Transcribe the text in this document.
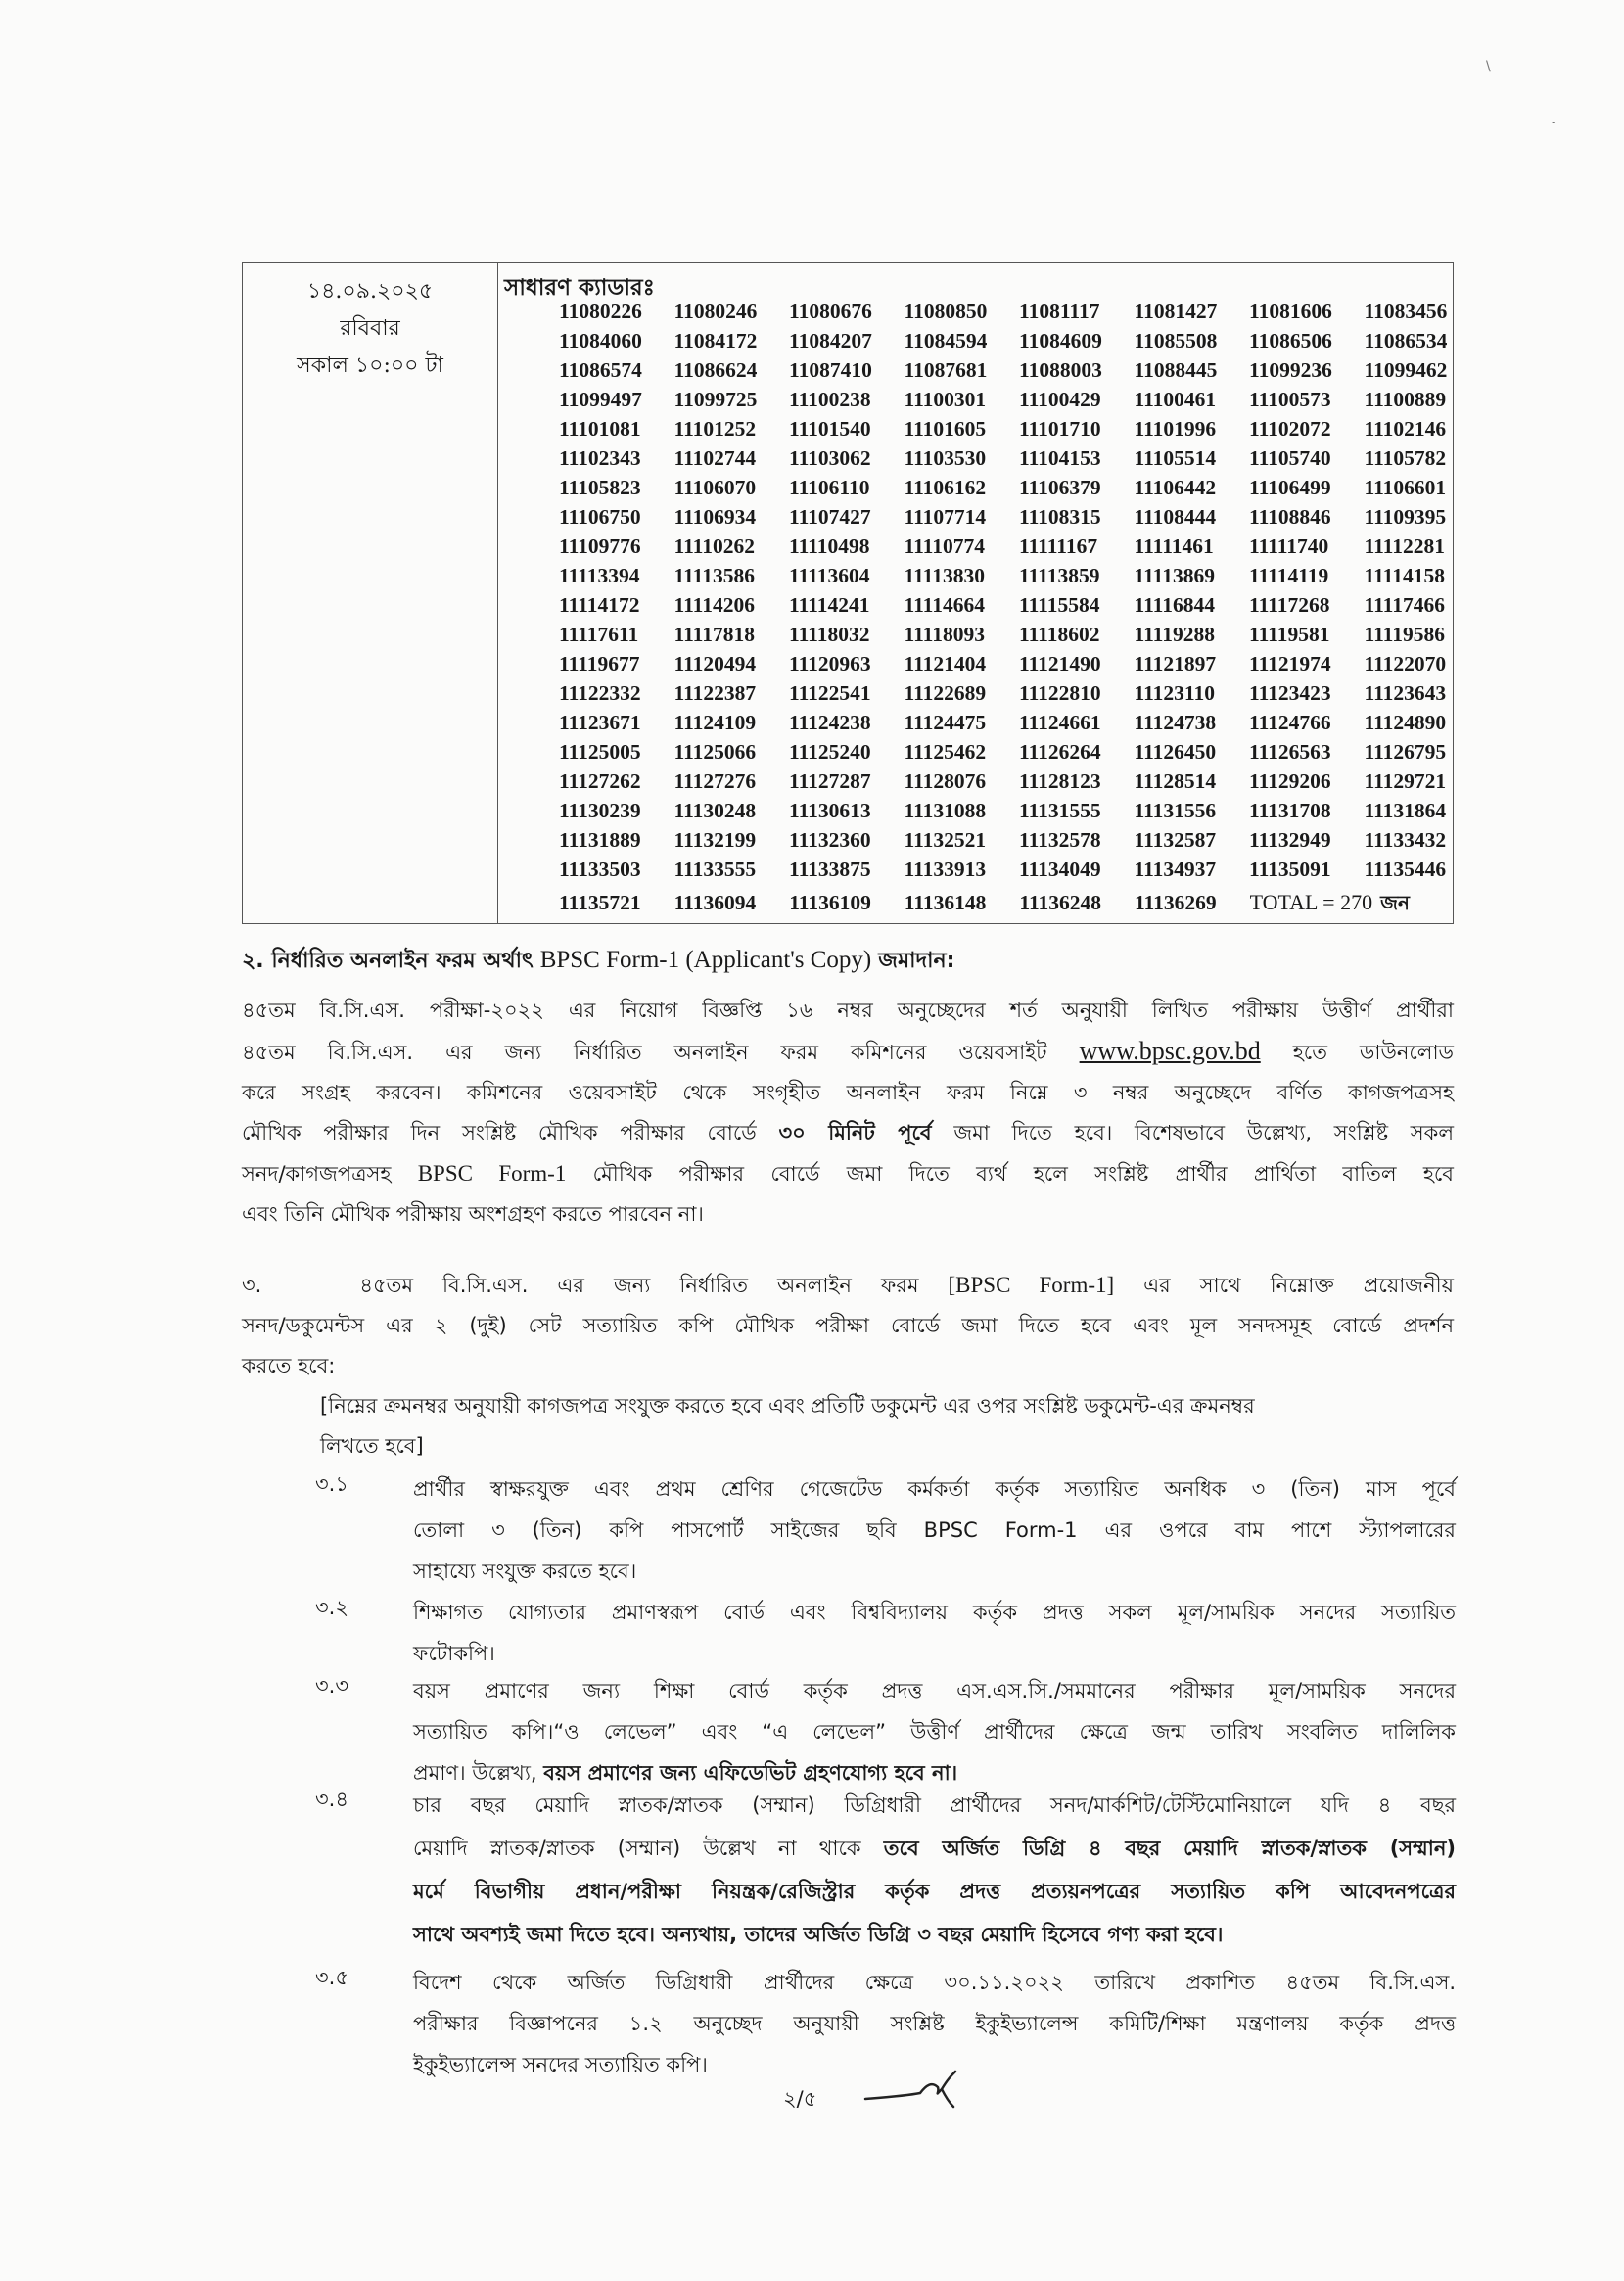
\
-
১৪.০৯.২০২৫
রবিবার
সকাল ১০:০০ টা
সাধারণ ক্যাডারঃ
11080226	11080246	11080676	11080850	11081117	11081427	11081606	11083456
11084060	11084172	11084207	11084594	11084609	11085508	11086506	11086534
11086574	11086624	11087410	11087681	11088003	11088445	11099236	11099462
11099497	11099725	11100238	11100301	11100429	11100461	11100573	11100889
11101081	11101252	11101540	11101605	11101710	11101996	11102072	11102146
11102343	11102744	11103062	11103530	11104153	11105514	11105740	11105782
11105823	11106070	11106110	11106162	11106379	11106442	11106499	11106601
11106750	11106934	11107427	11107714	11108315	11108444	11108846	11109395
11109776	11110262	11110498	11110774	11111167	11111461	11111740	11112281
11113394	11113586	11113604	11113830	11113859	11113869	11114119	11114158
11114172	11114206	11114241	11114664	11115584	11116844	11117268	11117466
11117611	11117818	11118032	11118093	11118602	11119288	11119581	11119586
11119677	11120494	11120963	11121404	11121490	11121897	11121974	11122070
11122332	11122387	11122541	11122689	11122810	11123110	11123423	11123643
11123671	11124109	11124238	11124475	11124661	11124738	11124766	11124890
11125005	11125066	11125240	11125462	11126264	11126450	11126563	11126795
11127262	11127276	11127287	11128076	11128123	11128514	11129206	11129721
11130239	11130248	11130613	11131088	11131555	11131556	11131708	11131864
11131889	11132199	11132360	11132521	11132578	11132587	11132949	11133432
11133503	11133555	11133875	11133913	11134049	11134937	11135091	11135446
11135721	11136094	11136109	11136148	11136248	11136269	TOTAL = 270 জন
২. নির্ধারিত অনলাইন ফরম অর্থাৎ BPSC Form-1 (Applicant's Copy) জমাদান:
৪৫তম বি.সি.এস. পরীক্ষা-২০২২ এর নিয়োগ বিজ্ঞপ্তি ১৬ নম্বর অনুচ্ছেদের শর্ত অনুযায়ী লিখিত পরীক্ষায় উত্তীর্ণ প্রার্থীরা
৪৫তম বি.সি.এস. এর জন্য নির্ধারিত অনলাইন ফরম কমিশনের ওয়েবসাইট www.bpsc.gov.bd হতে ডাউনলোড
করে সংগ্রহ করবেন। কমিশনের ওয়েবসাইট থেকে সংগৃহীত অনলাইন ফরম নিম্নে ৩ নম্বর অনুচ্ছেদে বর্ণিত কাগজপত্রসহ
মৌখিক পরীক্ষার দিন সংশ্লিষ্ট মৌখিক পরীক্ষার বোর্ডে ৩০ মিনিট পূর্বে জমা দিতে হবে। বিশেষভাবে উল্লেখ্য, সংশ্লিষ্ট সকল
সনদ/কাগজপত্রসহ BPSC Form-1 মৌখিক পরীক্ষার বোর্ডে জমা দিতে ব্যর্থ হলে সংশ্লিষ্ট প্রার্থীর প্রার্থিতা বাতিল হবে
এবং তিনি মৌখিক পরীক্ষায় অংশগ্রহণ করতে পারবেন না।
৩.	৪৫তম বি.সি.এস. এর জন্য নির্ধারিত অনলাইন ফরম [BPSC Form-1] এর সাথে নিম্নোক্ত প্রয়োজনীয়
সনদ/ডকুমেন্টস এর ২ (দুই) সেট সত্যায়িত কপি মৌখিক পরীক্ষা বোর্ডে জমা দিতে হবে এবং মূল সনদসমূহ বোর্ডে প্রদর্শন
করতে হবে:
[নিম্নের ক্রমনম্বর অনুযায়ী কাগজপত্র সংযুক্ত করতে হবে এবং প্রতিটি ডকুমেন্ট এর ওপর সংশ্লিষ্ট ডকুমেন্ট-এর ক্রমনম্বর
লিখতে হবে]
৩.১	প্রার্থীর স্বাক্ষরযুক্ত এবং প্রথম শ্রেণির গেজেটেড কর্মকর্তা কর্তৃক সত্যায়িত অনধিক ৩ (তিন) মাস পূর্বে
তোলা ৩ (তিন) কপি পাসপোর্ট সাইজের ছবি BPSC Form-1 এর ওপরে বাম পাশে স্ট্যাপলারের
সাহায্যে সংযুক্ত করতে হবে।
৩.২	শিক্ষাগত যোগ্যতার প্রমাণস্বরূপ বোর্ড এবং বিশ্ববিদ্যালয় কর্তৃক প্রদত্ত সকল মূল/সাময়িক সনদের সত্যায়িত
ফটোকপি।
৩.৩	বয়স প্রমাণের জন্য শিক্ষা বোর্ড কর্তৃক প্রদত্ত এস.এস.সি./সমমানের পরীক্ষার মূল/সাময়িক সনদের
সত্যায়িত কপি।“ও লেভেল” এবং “এ লেভেল” উত্তীর্ণ প্রার্থীদের ক্ষেত্রে জন্ম তারিখ সংবলিত দালিলিক
প্রমাণ। উল্লেখ্য, বয়স প্রমাণের জন্য এফিডেভিট গ্রহণযোগ্য হবে না।
৩.৪	চার বছর মেয়াদি স্নাতক/স্নাতক (সম্মান) ডিগ্রিধারী প্রার্থীদের সনদ/মার্কশিট/টেস্টিমোনিয়ালে যদি ৪ বছর
মেয়াদি স্নাতক/স্নাতক (সম্মান) উল্লেখ না থাকে তবে অর্জিত ডিগ্রি ৪ বছর মেয়াদি স্নাতক/স্নাতক (সম্মান)
মর্মে বিভাগীয় প্রধান/পরীক্ষা নিয়ন্ত্রক/রেজিস্ট্রার কর্তৃক প্রদত্ত প্রত্যয়নপত্রের সত্যায়িত কপি আবেদনপত্রের
সাথে অবশ্যই জমা দিতে হবে। অন্যথায়, তাদের অর্জিত ডিগ্রি ৩ বছর মেয়াদি হিসেবে গণ্য করা হবে।
৩.৫	বিদেশ থেকে অর্জিত ডিগ্রিধারী প্রার্থীদের ক্ষেত্রে ৩০.১১.২০২২ তারিখে প্রকাশিত ৪৫তম বি.সি.এস.
পরীক্ষার বিজ্ঞাপনের ১.২ অনুচ্ছেদ অনুযায়ী সংশ্লিষ্ট ইকুইভ্যালেন্স কমিটি/শিক্ষা মন্ত্রণালয় কর্তৃক প্রদত্ত
ইকুইভ্যালেন্স সনদের সত্যায়িত কপি।
২/৫
